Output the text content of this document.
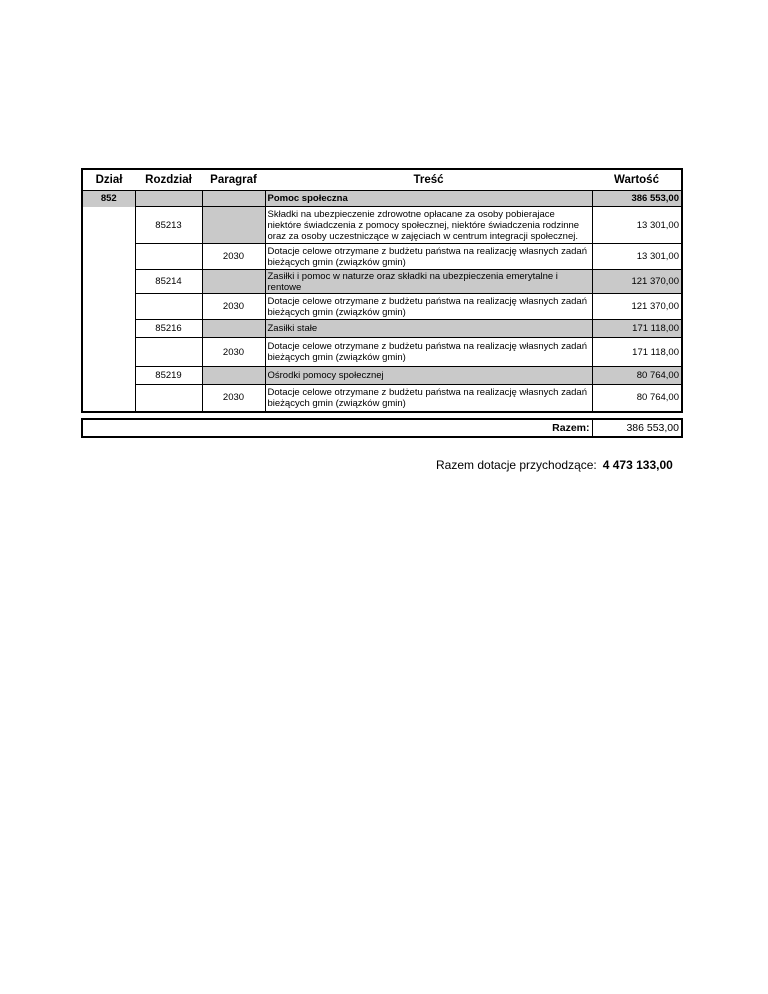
Dział	Rozdział	Paragraf	Treść	Wartość
852			Pomoc społeczna	386 553,00
	85213		Składki na ubezpieczenie zdrowotne opłacane za osoby pobierajace niektóre świadczenia z pomocy społecznej, niektóre świadczenia rodzinne oraz za osoby uczestniczące w zajęciach w centrum integracji społecznej.	13 301,00
		2030	Dotacje celowe otrzymane z budżetu państwa na realizację własnych zadań bieżących gmin (związków gmin)	13 301,00
	85214		Zasiłki i pomoc w naturze oraz składki na ubezpieczenia emerytalne i rentowe	121 370,00
		2030	Dotacje celowe otrzymane z budżetu państwa na realizację własnych zadań bieżących gmin (związków gmin)	121 370,00
	85216		Zasiłki stałe	171 118,00
		2030	Dotacje celowe otrzymane z budżetu państwa na realizację własnych zadań bieżących gmin (związków gmin)	171 118,00
	85219		Ośrodki pomocy społecznej	80 764,00
		2030	Dotacje celowe otrzymane z budżetu państwa na realizację własnych zadań bieżących gmin (związków gmin)	80 764,00
Razem:	386 553,00
Razem dotacje przychodzące: 4 473 133,00
